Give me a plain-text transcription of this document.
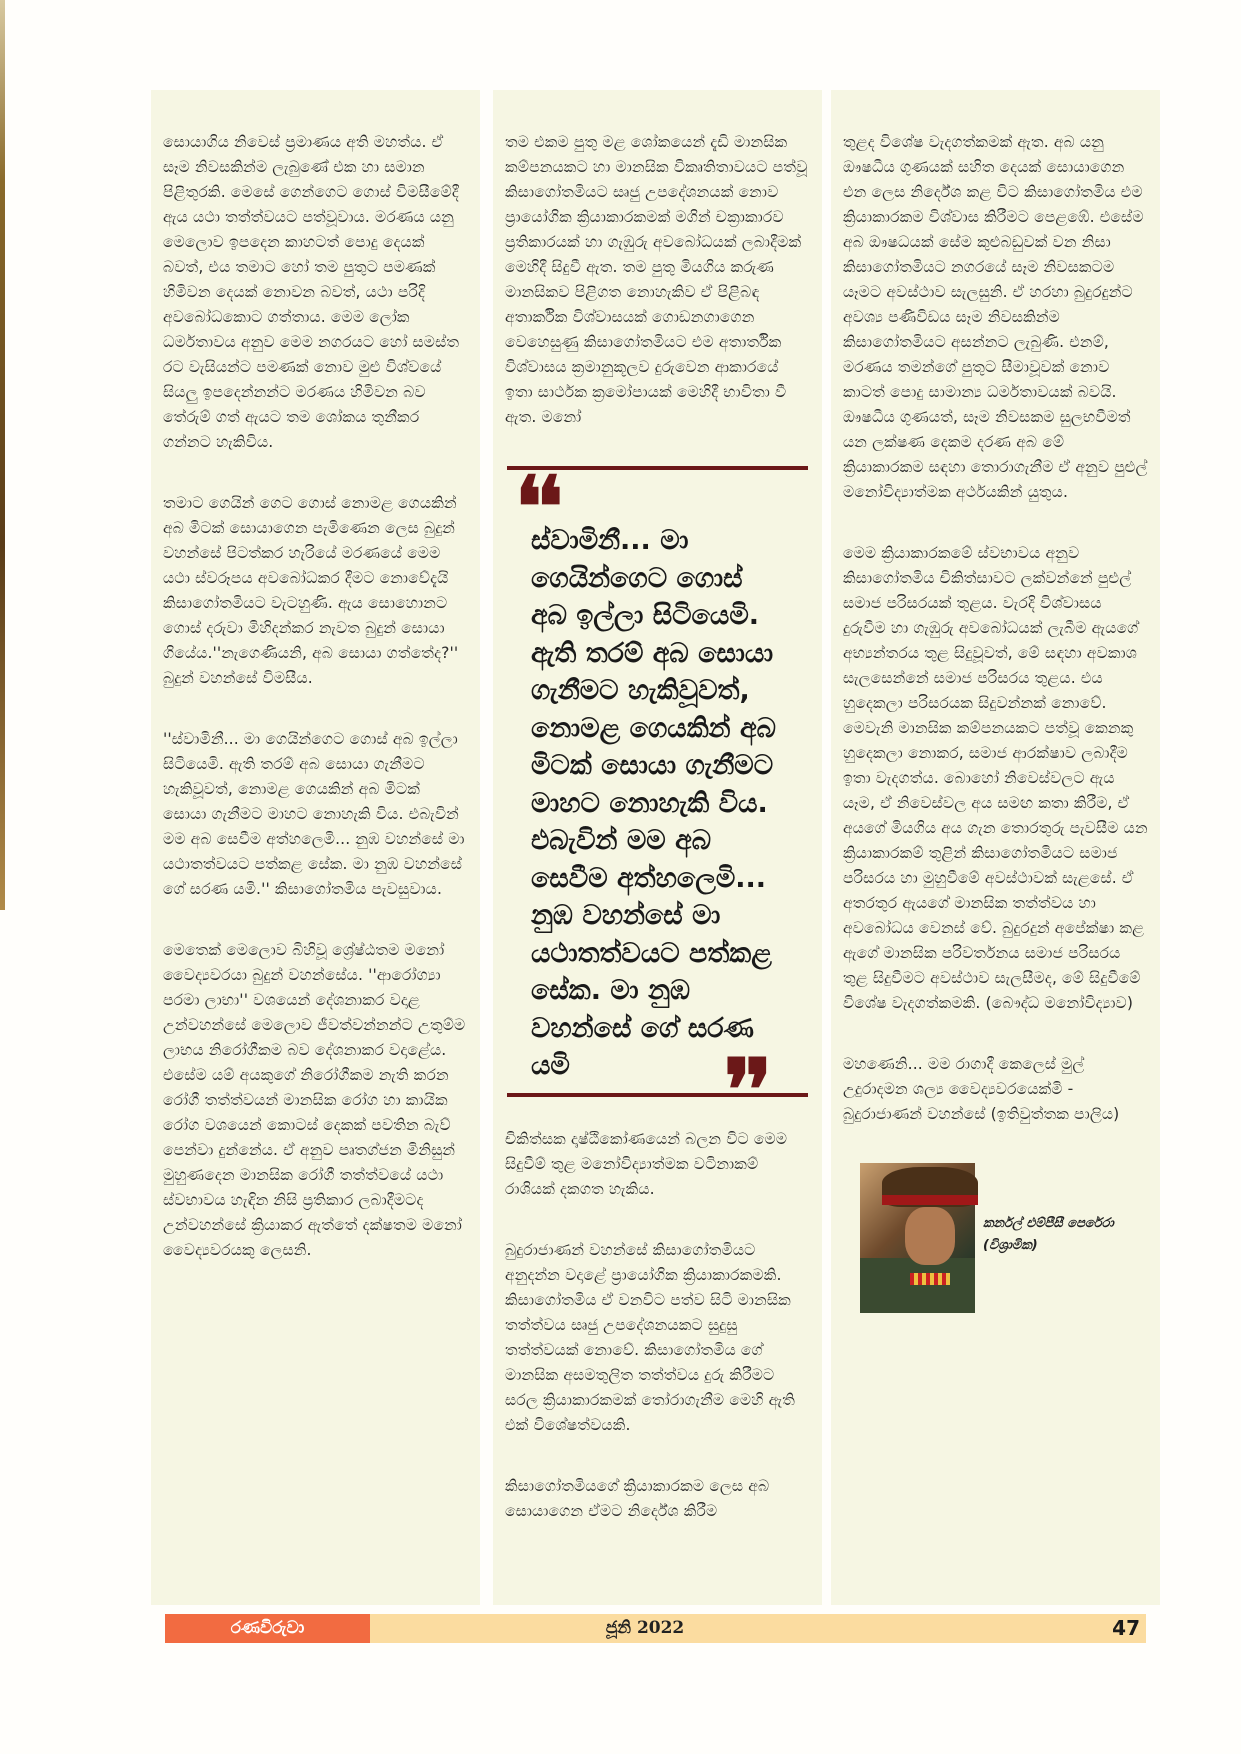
සොයාගිය නිවෙස් ප්‍රමාණය අති මහත්ය. ඒ සෑම නිවසකින්ම ලැබුණේ එක හා සමාන පිළිතුරකි. මෙසේ ගෙන්ගෙට ගොස් විමසීමේදී ඇය යථා තත්ත්වයට පත්වූවාය. මරණය යනු මෙලොව ඉපදෙන කාහටත් පොදු දෙයක් බවත්, එය තමාට හෝ තම පුතුට පමණක් හිමිවන දෙයක් නොවන බවත්, යථා පරිදි අවබෝධකොට ගත්තාය. මෙම ලෝක ධර්මතාවය අනුව මෙම නගරයට හෝ සමස්ත රට වැසියන්ට පමණක් නොව මුළු විශ්වයේ සියලු ඉපදෙන්නන්ට මරණය හිමිවන බව තේරුම් ගත් ඇයට තම ශෝකය තුනීකර ගන්නට හැකිවිය.

තමාට ගෙයින් ගෙට ගොස් නොමළ ගෙයකින් අබ මිටක් සොයාගෙන පැමිණෙන ලෙස බුදුන් වහන්සේ පිටත්කර හැරියේ මරණයේ මෙම යථා ස්වරූපය අවබෝධකර දීමට නොවේදැයි කිසාගෝතමියට වැටහුණි. ඇය සොහොනට ගොස් දරුවා මිහිදන්කර නැවත බුදුන් සොයා ගියේය.''නැගෙණියනි, අබ සොයා ගත්තේද?'' බුදුන් වහන්සේ විමසීය.

''ස්වාමිනී... මා ගෙයින්ගෙට ගොස් අබ ඉල්ලා සිටියෙමි. ඇති තරම් අබ සොයා ගැනීමට හැකිවූවත්, නොමළ ගෙයකින් අබ මිටක් සොයා ගැනීමට මාහට නොහැකි විය. එබැවින් මම අබ සෙවීම අත්හලෙමි... නුඹ වහන්සේ මා යථාතත්වයට පත්කළ සේක. මා නුඹ වහන්සේ ගේ සරණ යමි.'' කිසාගෝතමිය පැවසුවාය.

මෙතෙක් මෙලොව බිහිවූ ශ්‍රේෂ්ඨතම මනෝ වෛද්‍යවරයා බුදුන් වහන්සේය. ''ආරෝග්‍යා පරමා ලාභා'' වශයෙන් දේශනාකර වදාළ උන්වහන්සේ මෙලොව ජීවත්වන්නන්ට උතුම්ම ලාභය නිරෝගීකම බව දේශනාකර වදාළේය. එසේම යම් අයකුගේ නිරෝගීකම නැති කරන රෝගී තත්ත්වයන් මානසික රෝග හා කායික රෝග වශයෙන් කොටස් දෙකක් පවතින බැව් පෙන්වා දුන්නේය. ඒ අනුව පෘතග්ජන මිනිසුන් මුහුණදෙන මානසික රෝගී තත්ත්වයේ යථා ස්වභාවය හැඳින නිසි ප්‍රතිකාර ලබාදීමටද උන්වහන්සේ ක්‍රියාකර ඇත්තේ දක්ෂතම මනෝ වෛද්‍යවරයකු ලෙසනි.

තම එකම පුතු මළ ශෝකයෙන් දැඩි මානසික කම්පනයකට හා මානසික විකෘතිතාවයට පත්වූ කිසාගෝතමියට සෘජු උපදේශනයක් නොව ප්‍රායෝගික ක්‍රියාකාරකමක් මගින් චක්‍රාකාරව ප්‍රතිකාරයක් හා ගැඹුරු අවබෝධයක් ලබාදීමක් මෙහිදී සිදුවී ඇත. තම පුතු මියගිය කරුණ මානසිකව පිළිගත නොහැකිව ඒ පිළිබඳ අතාර්කික විශ්වාසයක් ගොඩනගාගෙන වෙහෙසුණු කිසාගෝතමියට එම අතාර්තික විශ්වාසය ක්‍රමානුකූලව දුරුවෙන ආකාරයේ ඉතා සාර්ථක ක්‍රමෝපායක් මෙහිදී භාවිතා වී ඇත. මනෝ

❛❛

ස්වාමිනී... මා ගෙයින්ගෙට ගොස් අබ ඉල්ලා සිටියෙමි. ඇති තරම් අබ සොයා ගැනීමට හැකිවූවත්, නොමළ ගෙයකින් අබ මිටක් සොයා ගැනීමට මාහට නොහැකි විය. එබැවින් මම අබ සෙවීම අත්හලෙමි... නුඹ වහන්සේ මා යථාතත්වයට පත්කළ සේක. මා නුඹ වහන්සේ ගේ සරණ යමි	❜❜

චිකිත්සක දෘෂ්ඨිකෝණයෙන් බලන විට මෙම සිදුවීම් තුළ මනෝවිද්‍යාත්මක වටිනාකම් රාශියක් දකගත හැකිය.

බුදුරාජාණන් වහන්සේ කිසාගෝතමියට අනුදන්න වදාළේ ප්‍රායෝගික ක්‍රියාකාරකමකි. කිසාගෝතමිය ඒ වනවිට පත්ව සිටි මානසික තත්ත්වය සෘජු උපදේශනයකට සුදුසු තත්ත්වයක් නොවේ. කිසාගෝතමිය ගේ මානසික අසමතුලිත තත්ත්වය දුරු කිරීමට සරල ක්‍රියාකාරකමක් තෝරාගැනීම මෙහි ඇති එක් විශේෂත්වයකි.

කිසාගෝතමියගේ ක්‍රියාකාරකම ලෙස අබ සොයාගෙන ඒමට නිර්දේශ කිරීම

තුළද විශේෂ වැදගත්කමක් ඇත. අබ යනු ඖෂධීය ගුණයක් සහිත දෙයක් සොයාගෙන එන ලෙස නිර්දේශ කළ විට කිසාගෝතමිය එම ක්‍රියාකාරකම විශ්වාස කිරීමට පෙළඹේ. එසේම අබ ඖෂධයක් සේම කුළුබඩුවක් වන නිසා කිසාගෝතමියට නගරයේ සෑම නිවසකටම යෑමට අවස්ථාව සැලසුනි. ඒ හරහා බුදුරදුන්ට අවශ්‍ය පණිවිඩය සෑම නිවසකින්ම කිසාගෝතමියට අසන්නට ලැබුණි. එනම්, මරණය තමන්ගේ පුතුට සීමාවූවක් නොව කාටත් පොදු සාමාන්‍ය ධර්මතාවයක් බවයි. ඖෂධීය ගුණයත්, සෑම නිවසකම සුලභවීමත් යන ලක්ෂණ දෙකම දරණ අබ මේ ක්‍රියාකාරකම සඳහා තොරාගැනීම ඒ අනුව පුළුල් මනෝවිද්‍යාත්මක අර්ථයකින් යුතුය.

මෙම ක්‍රියාකාරකමේ ස්වභාවය අනුව කිසාගෝතමිය චිකිත්සාවට ලක්වන්නේ පුළුල් සමාජ පරිසරයක් තුළය. වැරදි විශ්වාසය දුරුවීම හා ගැඹුරු අවබෝධයක් ලැබීම ඇයගේ අභ්‍යන්තරය තුළ සිදුවූවත්, මේ සඳහා අවකාශ සැලසෙන්නේ සමාජ පරිසරය තුළය. එය හුදෙකලා පරිසරයක සිදුවන්නක් නොවේ. මෙවැනි මානසික කම්පනයකට පත්වූ කෙනකු හුදෙකලා නොකර, සමාජ ආරක්ෂාව ලබාදීම ඉතා වැදගත්ය. බොහෝ නිවෙස්වලට ඇය යෑම, ඒ නිවෙස්වල අය සමඟ කතා කිරීම, ඒ අයගේ මියගිය අය ගැන තොරතුරු පැවසීම යන ක්‍රියාකාරකම් තුළින් කිසාගෝතමියට සමාජ පරිසරය හා මුහුවීමේ අවස්ථාවක් සැළසේ. ඒ අතරතුර ඇයගේ මානසික තත්ත්වය හා අවබෝධය වෙනස් වේ. බුදුරදුන් අපේක්ෂා කළ ඇගේ මානසික පරිවර්තනය සමාජ පරිසරය තුළ සිදුවීමට අවස්ථාව සැලසීමද, මේ සිදුවීමේ විශේෂ වැදගත්කමකි. (බෞද්ධ මනෝවිද්‍යාව)

මහණෙනි... මම රාගාදී කෙලෙස් මුල් උදුරාදමන ශල්‍ය වෛද්‍යවරයෙක්මි - බුදුරාජාණන් වහන්සේ (ඉතිවුත්තක පාලිය)

කර්නල් එම්පීසී පෙරේරා
(විශ්‍රාමික)
රණවිරුවා	ජූනි 2022	47
